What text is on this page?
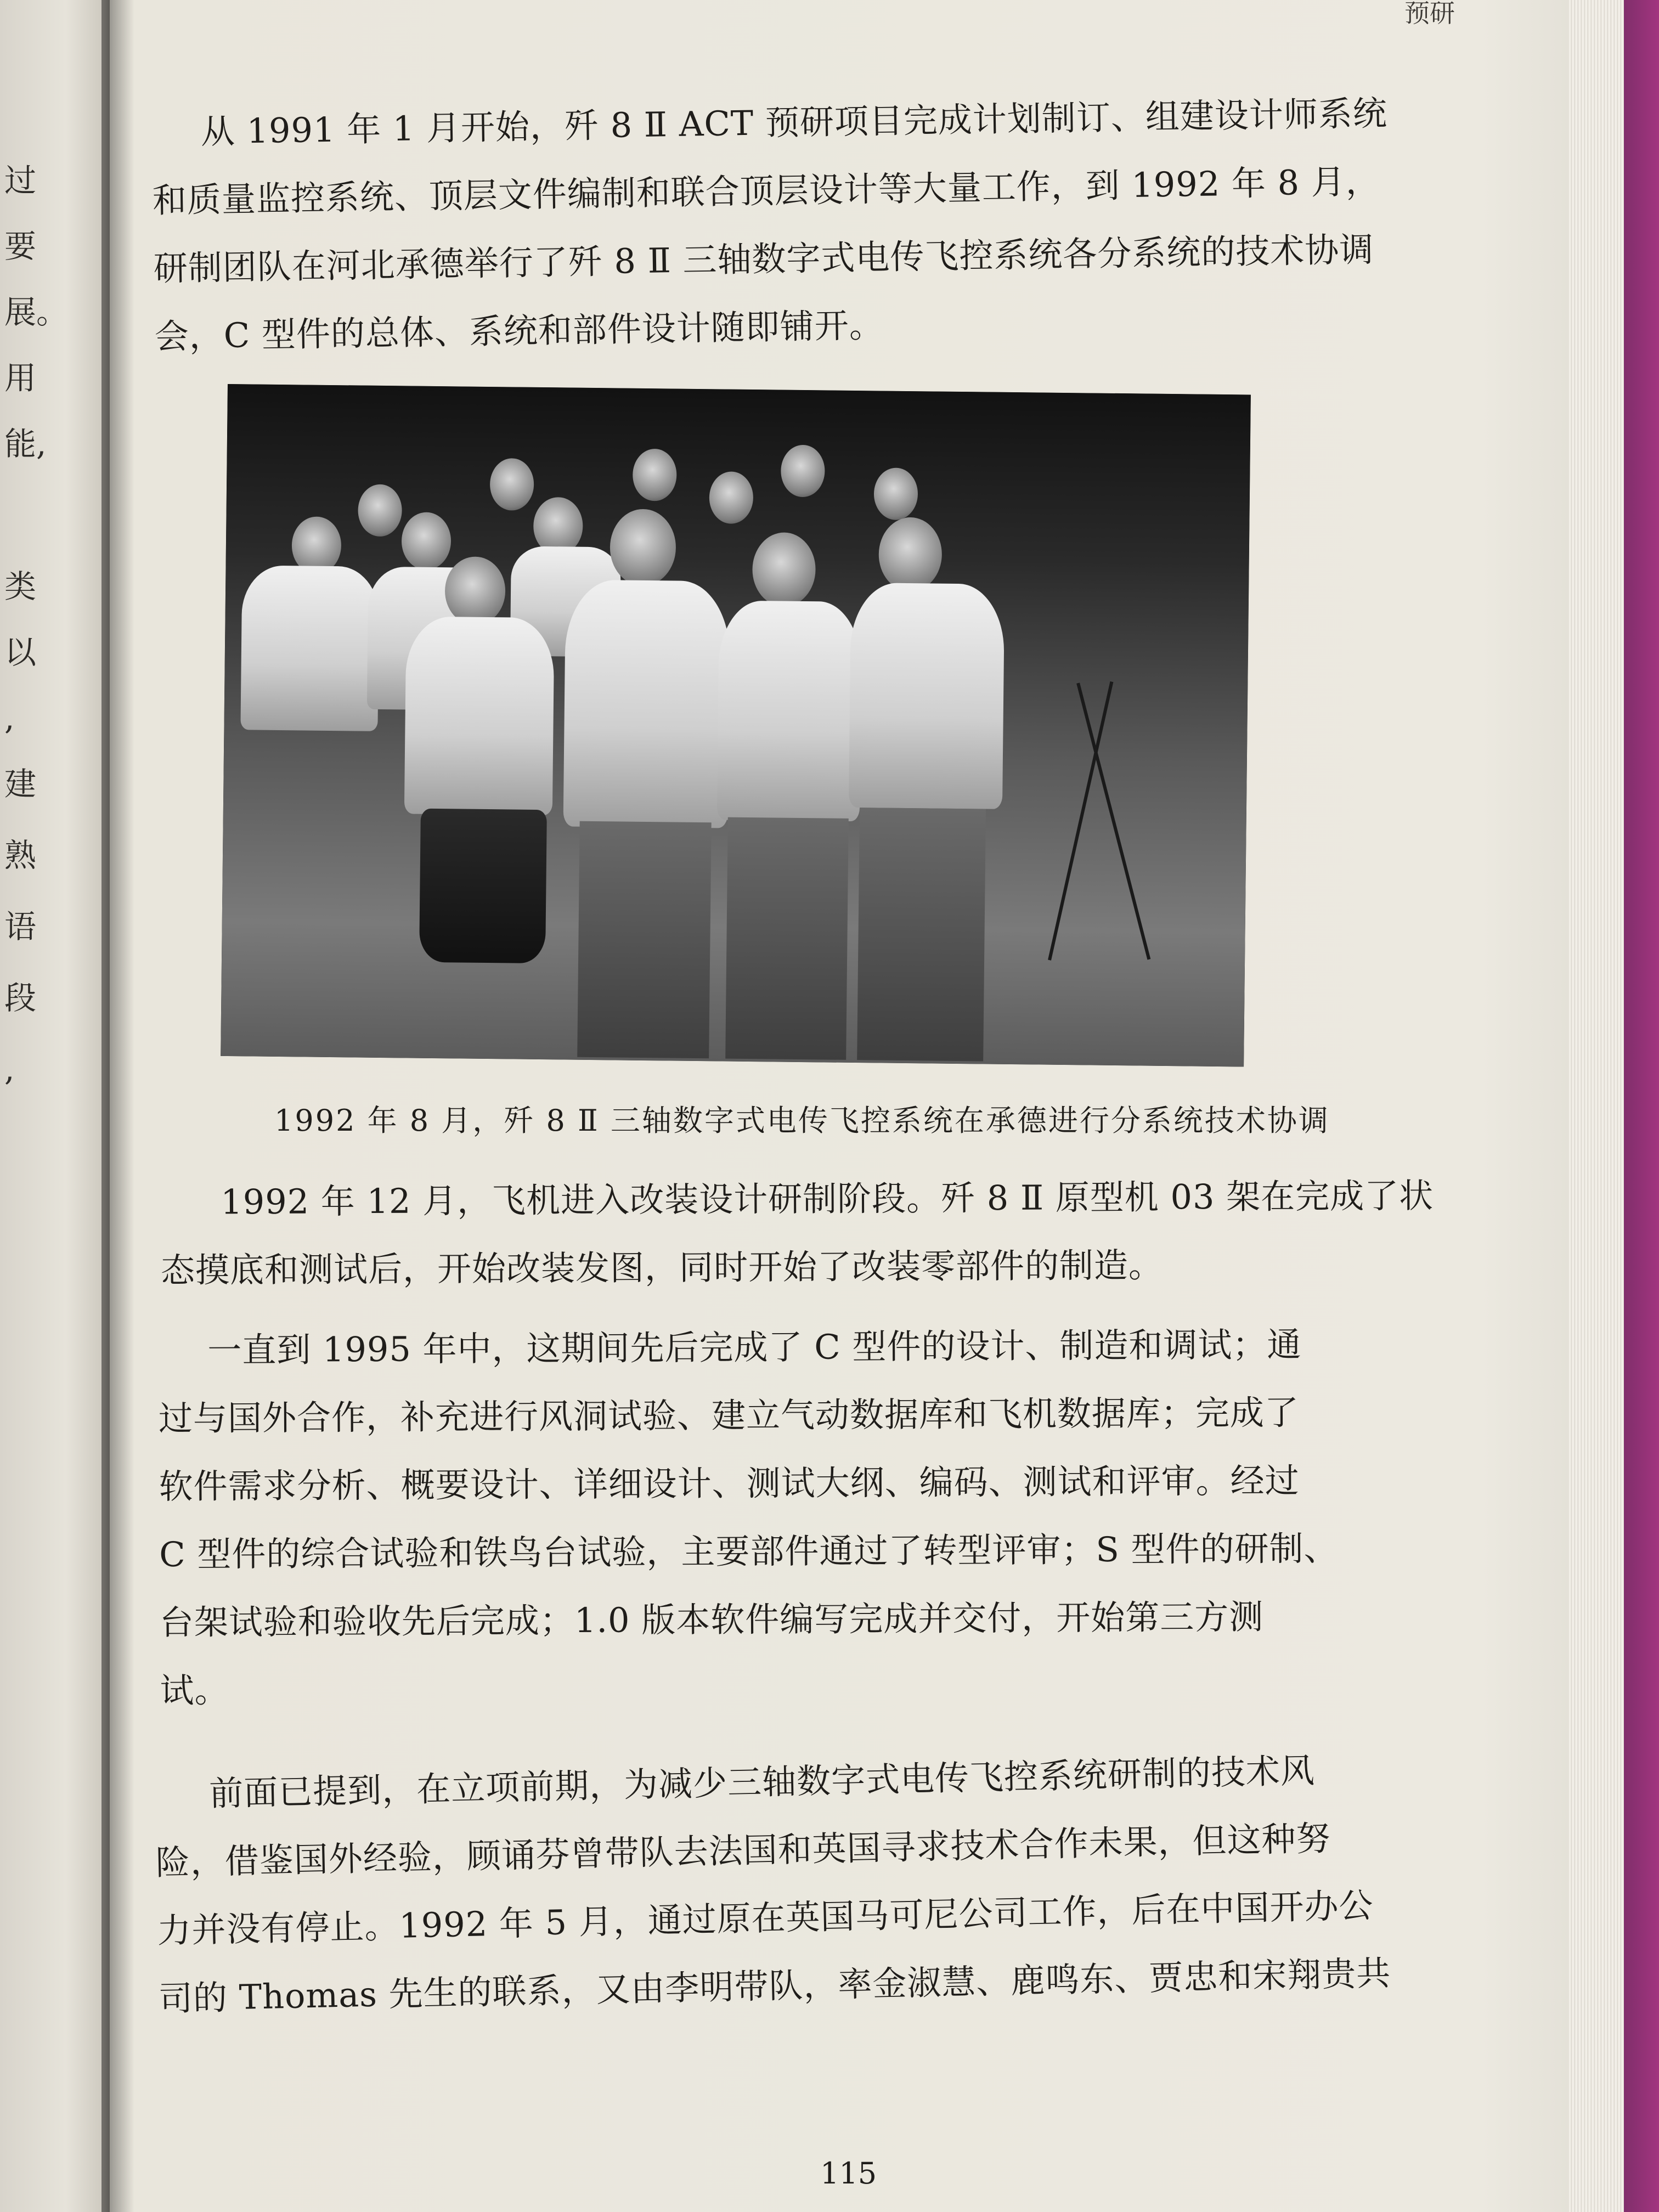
过
要
展。
用
能,
类
以
,
建
熟
语
段
,
预研

从 1991 年 1 月开始，歼 8 Ⅱ ACT 预研项目完成计划制订、组建设计师系统
和质量监控系统、顶层文件编制和联合顶层设计等大量工作，到 1992 年 8 月，
研制团队在河北承德举行了歼 8 Ⅱ 三轴数字式电传飞控系统各分系统的技术协调
会，C 型件的总体、系统和部件设计随即铺开。

1992 年 8 月，歼 8 Ⅱ 三轴数字式电传飞控系统在承德进行分系统技术协调

1992 年 12 月，飞机进入改装设计研制阶段。歼 8 Ⅱ 原型机 03 架在完成了状
态摸底和测试后，开始改装发图，同时开始了改装零部件的制造。

一直到 1995 年中，这期间先后完成了 C 型件的设计、制造和调试；通
过与国外合作，补充进行风洞试验、建立气动数据库和飞机数据库；完成了
软件需求分析、概要设计、详细设计、测试大纲、编码、测试和评审。经过
C 型件的综合试验和铁鸟台试验，主要部件通过了转型评审；S 型件的研制、
台架试验和验收先后完成；1.0 版本软件编写完成并交付，开始第三方测
试。

前面已提到，在立项前期，为减少三轴数字式电传飞控系统研制的技术风
险，借鉴国外经验，顾诵芬曾带队去法国和英国寻求技术合作未果，但这种努
力并没有停止。1992 年 5 月，通过原在英国马可尼公司工作，后在中国开办公
司的 Thomas 先生的联系，又由李明带队，率金淑慧、鹿鸣东、贾忠和宋翔贵共

115
